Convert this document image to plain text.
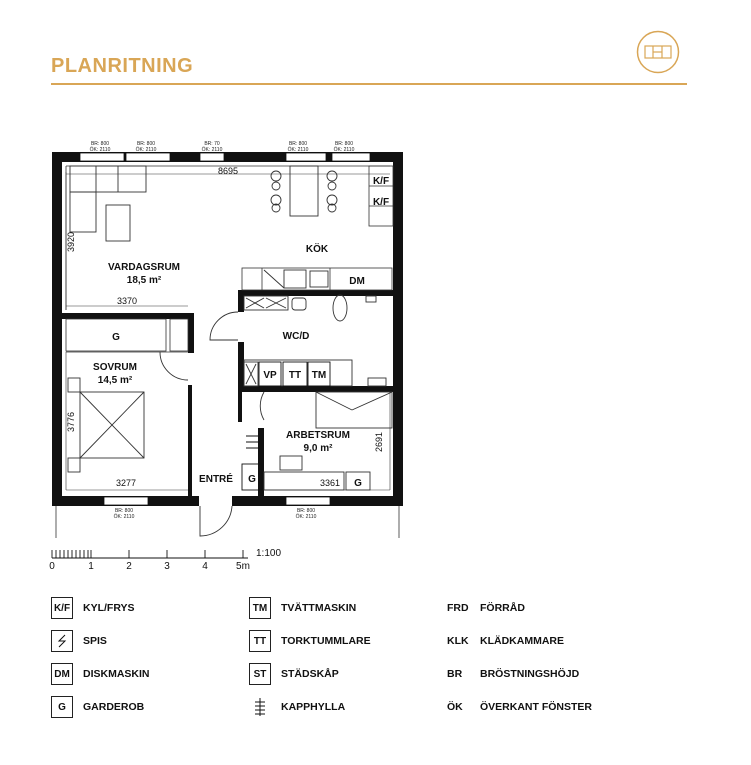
PLANRITNING
VARDAGSRUM
18,5 m²
KÖK
WC/D
SOVRUM
14,5 m²
ARBETSRUM
9,0 m²
ENTRÉ
8695
3920
3370
3776
3277
2691
3361
K/F
K/F
DM
G
VP TT TM
G	G
BR: 800
ÖK: 2110
BR: 800
ÖK: 2110
BR: 70
ÖK: 2110
BR: 800
ÖK: 2110
BR: 800
ÖK: 2110
BR: 800
ÖK: 2110
BR: 800
ÖK: 2110
0	1	2	3	4	5m
1:100
K/F KYL/FRYS
SPIS
DM	DISKMASKIN
G	GARDEROB
TM	TVÄTTMASKIN
TT	TORKTUMMLARE
ST	STÄDSKÅP
KAPPHYLLA
FRD FÖRRÅD
KLK KLÄDKAMMARE
BR BRÖSTNINGSHÖJD
ÖK ÖVERKANT FÖNSTER
